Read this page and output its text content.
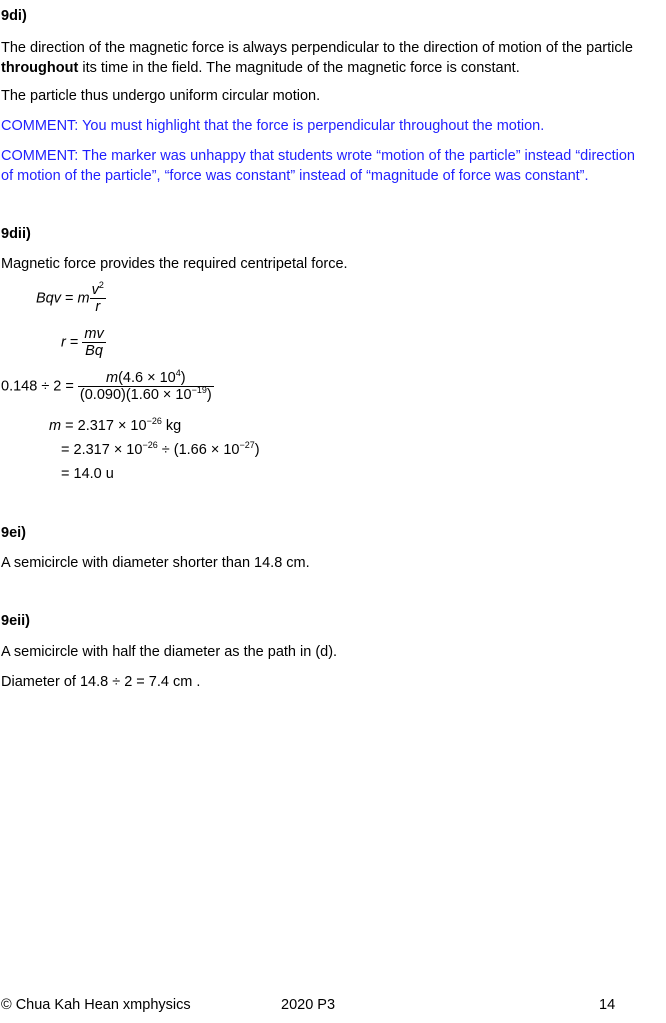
9di)
The direction of the magnetic force is always perpendicular to the direction of motion of the particle
throughout its time in the field. The magnitude of the magnetic force is constant.
The particle thus undergo uniform circular motion.
COMMENT: You must highlight that the force is perpendicular throughout the motion.
COMMENT: The marker was unhappy that students wrote “motion of the particle” instead “direction
of motion of the particle”, “force was constant” instead of “magnitude of force was constant”.
9dii)
Magnetic force provides the required centripetal force.
Bqv = m $\frac{v^2}{r}$
$r = \frac{mv}{Bq}$
$0.148 \div 2 = \frac{m(4.6 \times 10^4)}{(0.090)(1.60 \times 10^{-19})}$
$m = 2.317 \times 10^{-26}$ kg
= $2.317 \times 10^{-26} \div (1.66 \times 10^{-27})$
= 14.0 u
9ei)
A semicircle with diameter shorter than 14.8 cm.
9eii)
A semicircle with half the diameter as the path in (d).
Diameter of 14.8 ÷ 2 = 7.4 cm .
© Chua Kah Hean xmphysics	2020 P3	14
